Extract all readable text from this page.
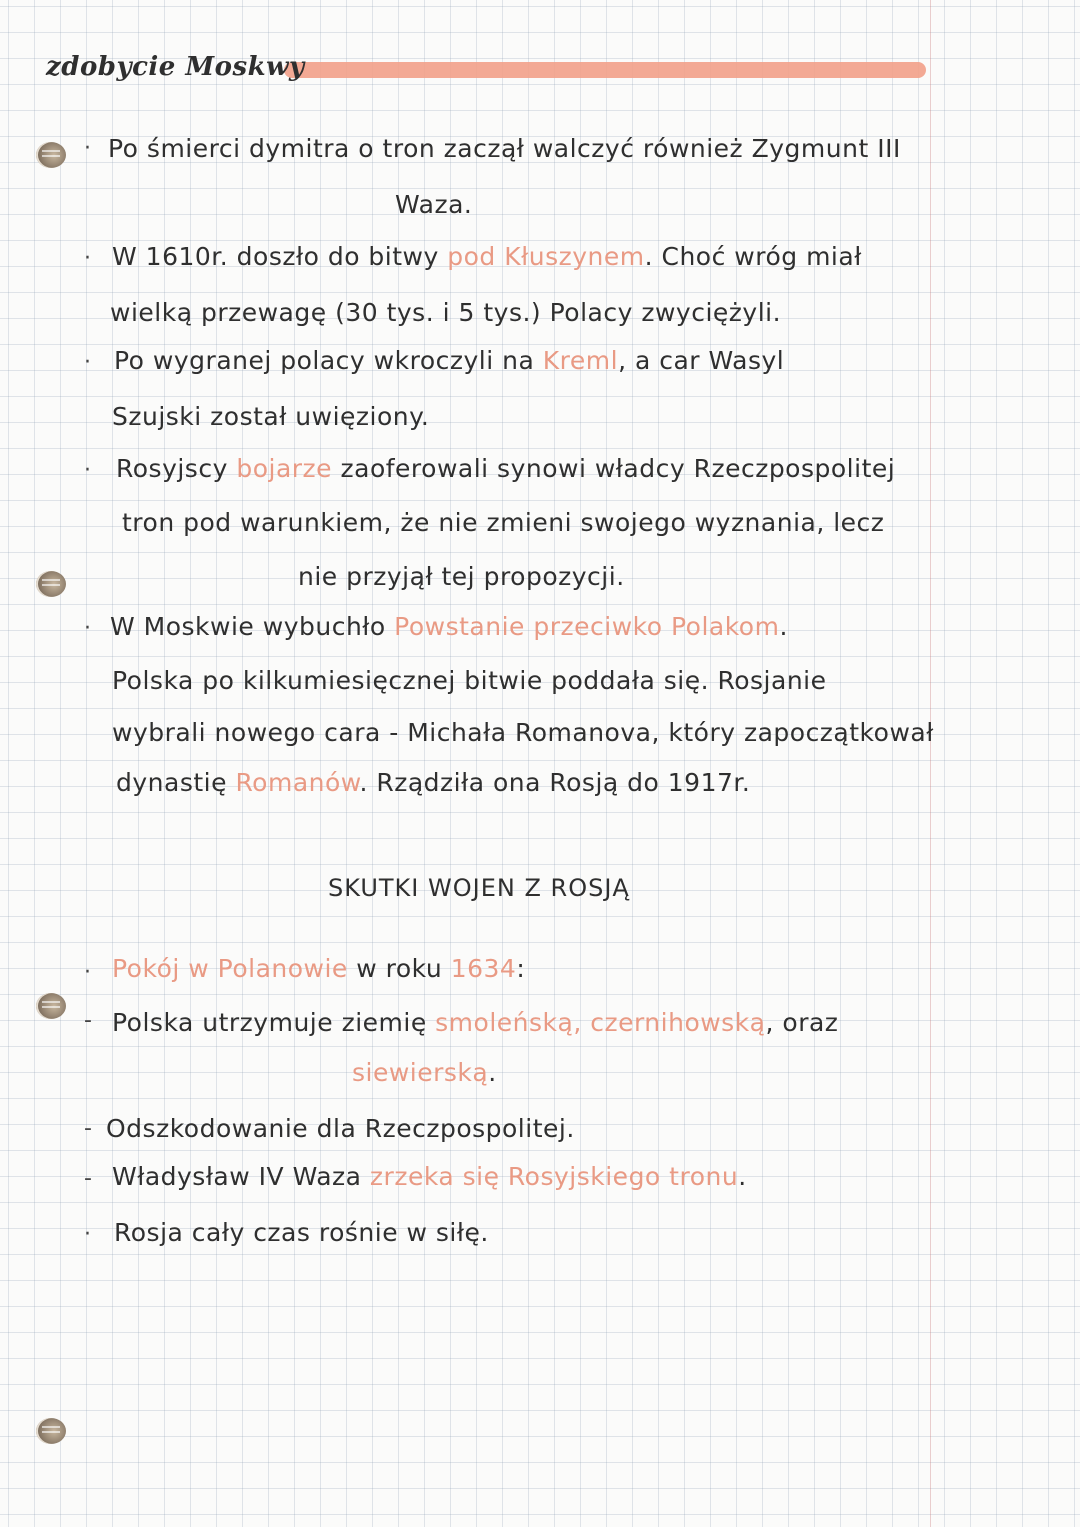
zdobycie Moskwy
· Po śmierci dymitra o tron zaczął walczyć również Zygmunt III
Waza.
· W 1610r. doszło do bitwy pod Kłuszynem. Choć wróg miał
wielką przewagę (30 tys. i 5 tys.) Polacy zwyciężyli.
· Po wygranej polacy wkroczyli na Kreml, a car Wasyl
Szujski został uwięziony.
· Rosyjscy bojarze zaoferowali synowi władcy Rzeczpospolitej
tron pod warunkiem, że nie zmieni swojego wyznania, lecz
nie przyjął tej propozycji.
· W Moskwie wybuchło Powstanie przeciwko Polakom.
Polska po kilkumiesięcznej bitwie poddała się. Rosjanie
wybrali nowego cara - Michała Romanova, który zapoczątkował
dynastię Romanów. Rządziła ona Rosją do 1917r.
SKUTKI WOJEN Z ROSJĄ
· Pokój w Polanowie w roku 1634:
- Polska utrzymuje ziemię smoleńską, czernihowską, oraz
siewierską.
- Odszkodowanie dla Rzeczpospolitej.
- Władysław IV Waza zrzeka się Rosyjskiego tronu.
· Rosja cały czas rośnie w siłę.
